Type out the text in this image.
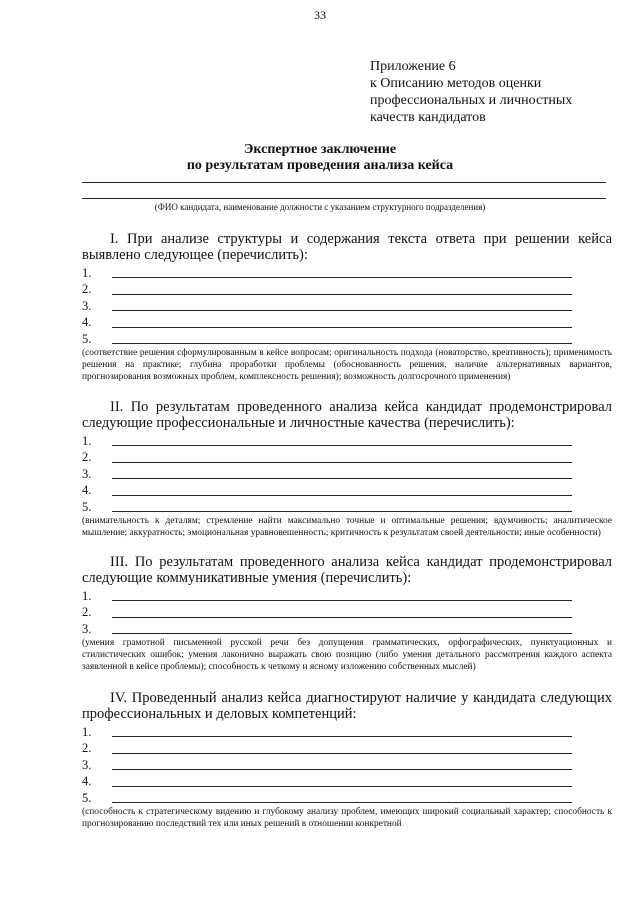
33
Приложение 6
к Описанию методов оценки
профессиональных и личностных
качеств кандидатов
Экспертное заключение
по результатам проведения анализа кейса
(ФИО кандидата, наименование должности с указанием структурного подразделения)

I. При анализе структуры и содержания текста ответа при решении кейса выявлено следующее (перечислить):

1.
2.
3.
4.
5.

(соответствие решения сформулированным в кейсе вопросам; оригинальность подхода (новаторство, креативность); применимость решения на практике; глубина проработки проблемы (обоснованность решения, наличие альтернативных вариантов, прогнозирования возможных проблем, комплексность решения); возможность долгосрочного применения)

II. По результатам проведенного анализа кейса кандидат продемонстрировал следующие профессиональные и личностные качества (перечислить):

1.
2.
3.
4.
5.

(внимательность к деталям; стремление найти максимально точные и оптимальные решения; вдумчивость; аналитическое мышление; аккуратность; эмоциональная уравновешенность; критичность к результатам своей деятельности; иные особенности)

III. По результатам проведенного анализа кейса кандидат продемонстрировал следующие коммуникативные умения (перечислить):

1.
2.
3.

(умения грамотной письменной русской речи без допущения грамматических, орфографических, пунктуационных и стилистических ошибок; умения лаконично выражать свою позицию (либо умения детального рассмотрения каждого аспекта заявленной в кейсе проблемы); способность к четкому и ясному изложению собственных мыслей)

IV. Проведенный анализ кейса диагностируют наличие у кандидата следующих профессиональных и деловых компетенций:

1.
2.
3.
4.
5.

(способность к стратегическому видению и глубокому анализу проблем, имеющих широкий социальный характер; способность к прогнозированию последствий тех или иных решений в отношении конкретной
